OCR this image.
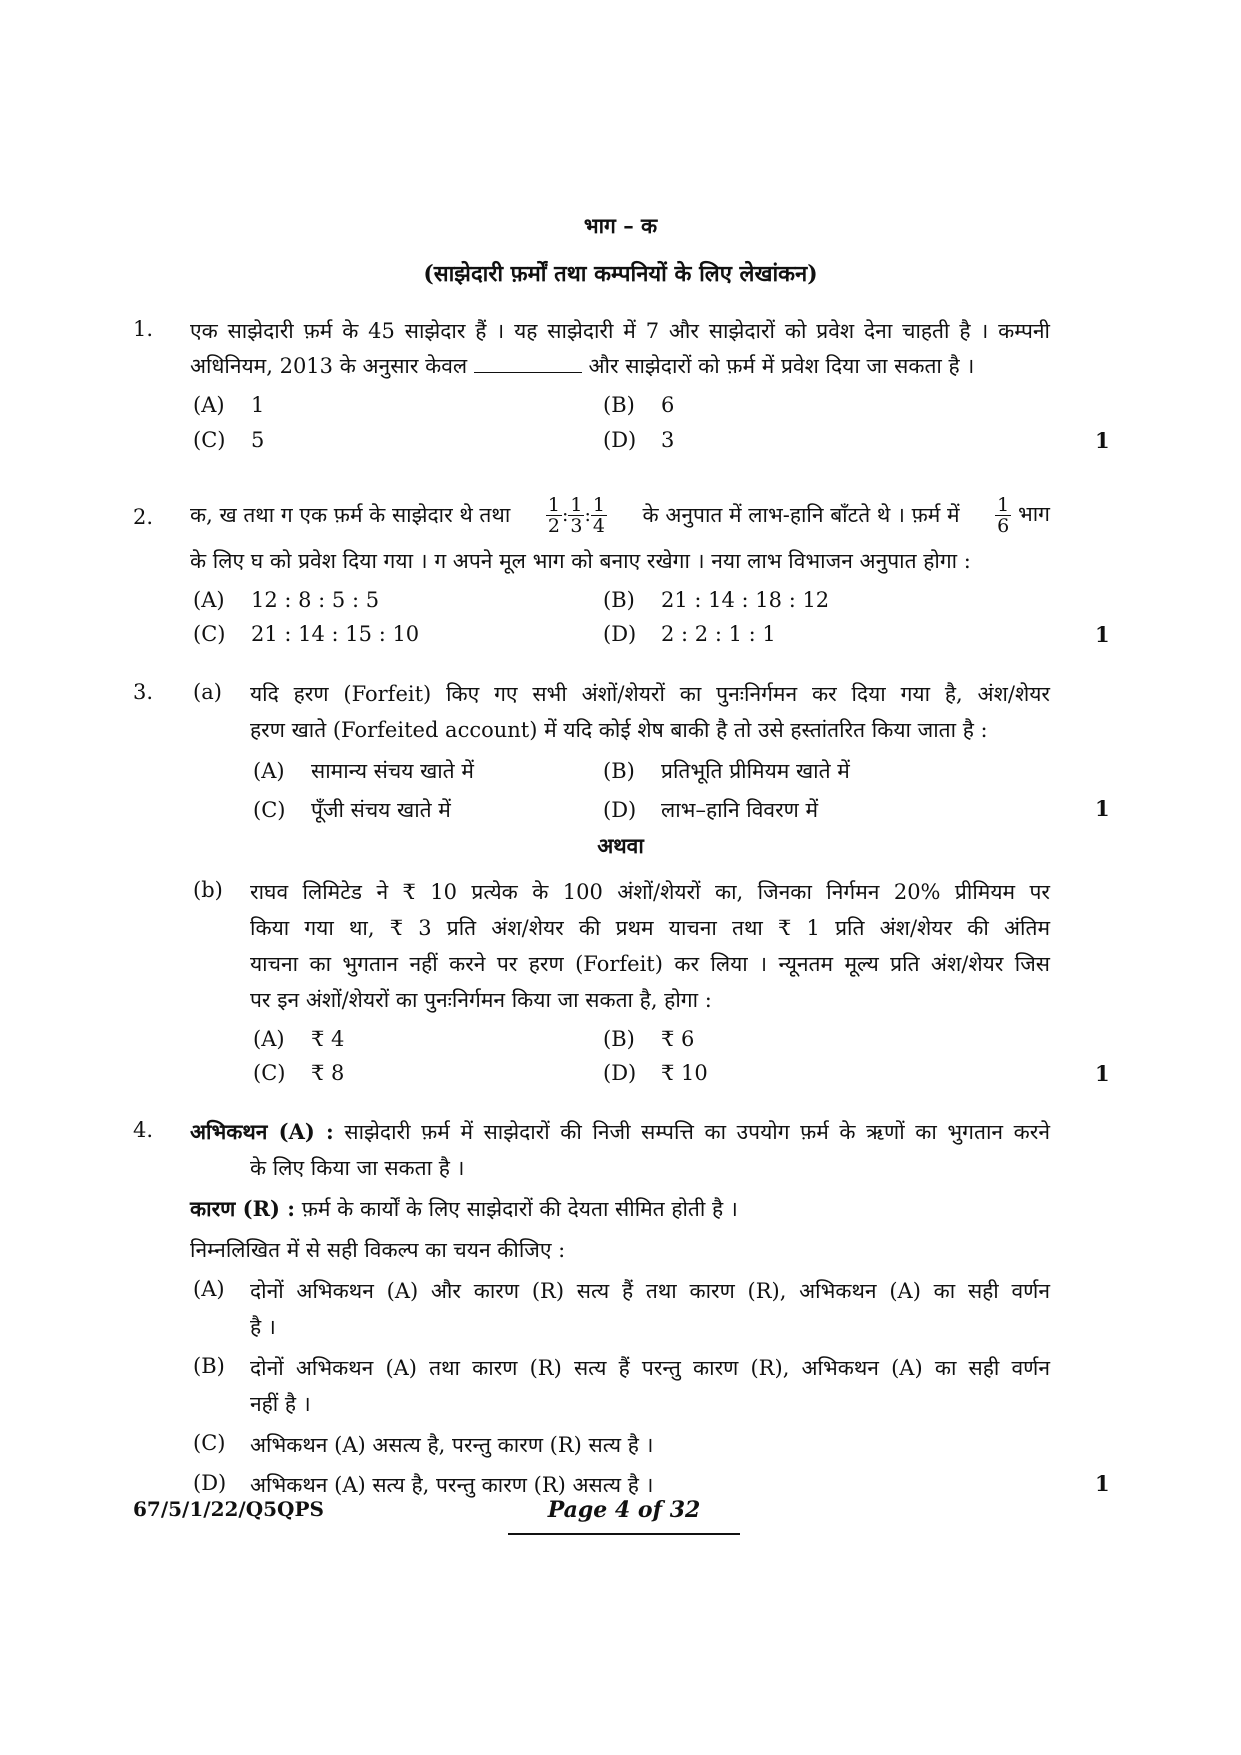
भाग – क
(साझेदारी फ़र्मों तथा कम्पनियों के लिए लेखांकन)
1. एक साझेदारी फ़र्म के 45 साझेदार हैं । यह साझेदारी में 7 और साझेदारों को प्रवेश देना चाहती है । कम्पनी
अधिनियम, 2013 के अनुसार केवल	और साझेदारों को फ़र्म में प्रवेश दिया जा सकता है ।
(A) 1	(B) 6
(C) 5	(D) 3	1
2. क, ख तथा ग एक फ़र्म के साझेदार थे तथा $\frac{1}{2}$ : $\frac{1}{3}$ : $\frac{1}{4}$ के अनुपात में लाभ-हानि बाँटते थे । फ़र्म में $\frac{1}{6}$ भाग
के लिए घ को प्रवेश दिया गया । ग अपने मूल भाग को बनाए रखेगा । नया लाभ विभाजन अनुपात होगा :
(A) 12 : 8 : 5 : 5	(B) 21 : 14 : 18 : 12
(C) 21 : 14 : 15 : 10	(D) 2 : 2 : 1 : 1	1
3. (a) यदि हरण (Forfeit) किए गए सभी अंशों/शेयरों का पुनःनिर्गमन कर दिया गया है, अंश/शेयर
हरण खाते (Forfeited account) में यदि कोई शेष बाकी है तो उसे हस्तांतरित किया जाता है :
(A) सामान्य संचय खाते में	(B) प्रतिभूति प्रीमियम खाते में
(C) पूँजी संचय खाते में	(D) लाभ–हानि विवरण में	1
अथवा
(b) राघव लिमिटेड ने ₹ 10 प्रत्येक के 100 अंशों/शेयरों का, जिनका निर्गमन 20% प्रीमियम पर
किया गया था, ₹ 3 प्रति अंश/शेयर की प्रथम याचना तथा ₹ 1 प्रति अंश/शेयर की अंतिम
याचना का भुगतान नहीं करने पर हरण (Forfeit) कर लिया । न्यूनतम मूल्य प्रति अंश/शेयर जिस
पर इन अंशों/शेयरों का पुनःनिर्गमन किया जा सकता है, होगा :
(A) ₹ 4	(B) ₹ 6
(C) ₹ 8	(D) ₹ 10	1
4. अभिकथन (A) : साझेदारी फ़र्म में साझेदारों की निजी सम्पत्ति का उपयोग फ़र्म के ऋणों का भुगतान करने
के लिए किया जा सकता है ।
कारण (R) : फ़र्म के कार्यों के लिए साझेदारों की देयता सीमित होती है ।
निम्नलिखित में से सही विकल्प का चयन कीजिए :
(A) दोनों अभिकथन (A) और कारण (R) सत्य हैं तथा कारण (R), अभिकथन (A) का सही वर्णन
है ।
(B) दोनों अभिकथन (A) तथा कारण (R) सत्य हैं परन्तु कारण (R), अभिकथन (A) का सही वर्णन
नहीं है ।
(C) अभिकथन (A) असत्य है, परन्तु कारण (R) सत्य है ।
(D) अभिकथन (A) सत्य है, परन्तु कारण (R) असत्य है ।	1
67/5/1/22/Q5QPS	Page 4 of 32
